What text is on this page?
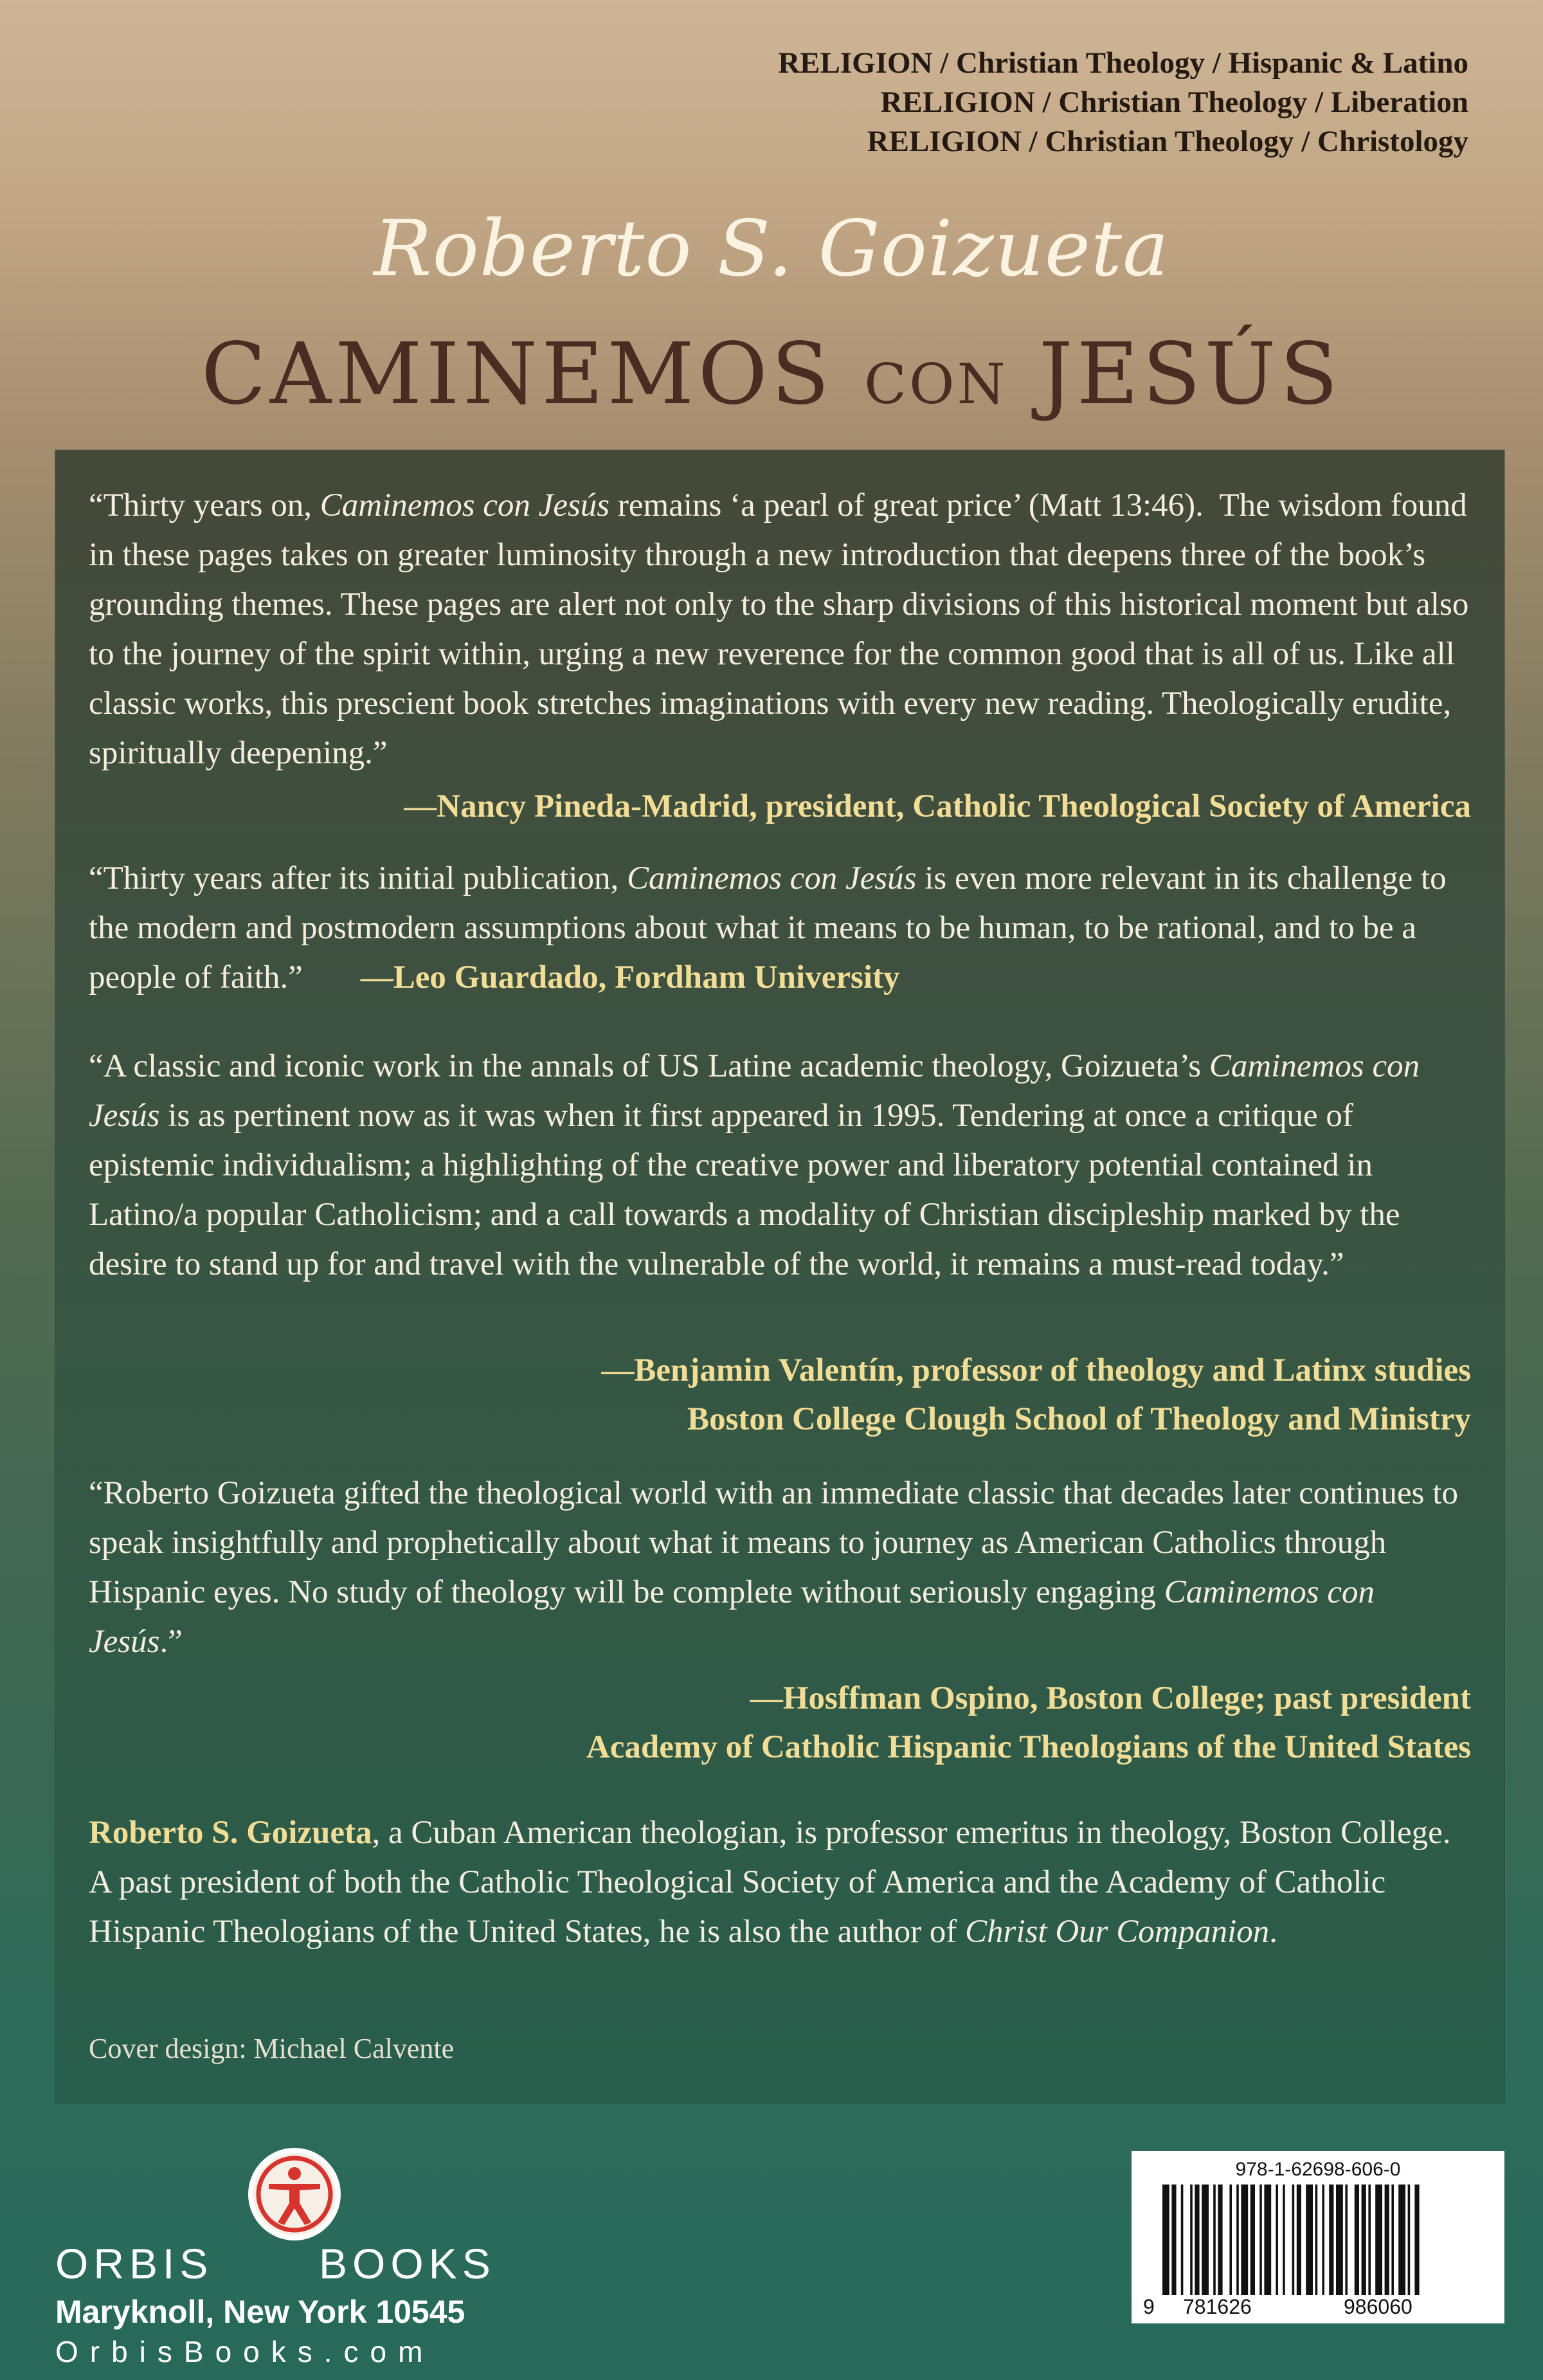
RELIGION / Christian Theology / Hispanic & Latino
RELIGION / Christian Theology / Liberation
RELIGION / Christian Theology / Christology
Roberto S. Goizueta
CAMINEMOS CON JESÚS
“Thirty years on, Caminemos con Jesús remains ‘a pearl of great price’ (Matt 13:46).  The wisdom found in these pages takes on greater luminosity through a new introduction that deepens three of the book’s grounding themes. These pages are alert not only to the sharp divisions of this historical moment but also to the journey of the spirit within, urging a new reverence for the common good that is all of us. Like all classic works, this prescient book stretches imaginations with every new reading. Theologically erudite, spiritually deepening.”
—Nancy Pineda-Madrid, president, Catholic Theological Society of America
“Thirty years after its initial publication, Caminemos con Jesús is even more relevant in its challenge to the modern and postmodern assumptions about what it means to be human, to be rational, and to be a people of faith.” —Leo Guardado, Fordham University
“A classic and iconic work in the annals of US Latine academic theology, Goizueta’s Caminemos con Jesús is as pertinent now as it was when it first appeared in 1995. Tendering at once a critique of epistemic individualism; a highlighting of the creative power and liberatory potential contained in Latino/a popular Catholicism; and a call towards a modality of Christian discipleship marked by the desire to stand up for and travel with the vulnerable of the world, it remains a must-read today.”
—Benjamin Valentín, professor of theology and Latinx studies
Boston College Clough School of Theology and Ministry
“Roberto Goizueta gifted the theological world with an immediate classic that decades later continues to speak insightfully and prophetically about what it means to journey as American Catholics through Hispanic eyes. No study of theology will be complete without seriously engaging Caminemos con Jesús.”
—Hosffman Ospino, Boston College; past president
Academy of Catholic Hispanic Theologians of the United States
Roberto S. Goizueta, a Cuban American theologian, is professor emeritus in theology, Boston College. A past president of both the Catholic Theological Society of America and the Academy of Catholic Hispanic Theologians of the United States, he is also the author of Christ Our Companion.
Cover design: Michael Calvente
ORBIS BOOKS
Maryknoll, New York 10545
OrbisBooks.com
978-1-62698-606-0
9 781626	986060
